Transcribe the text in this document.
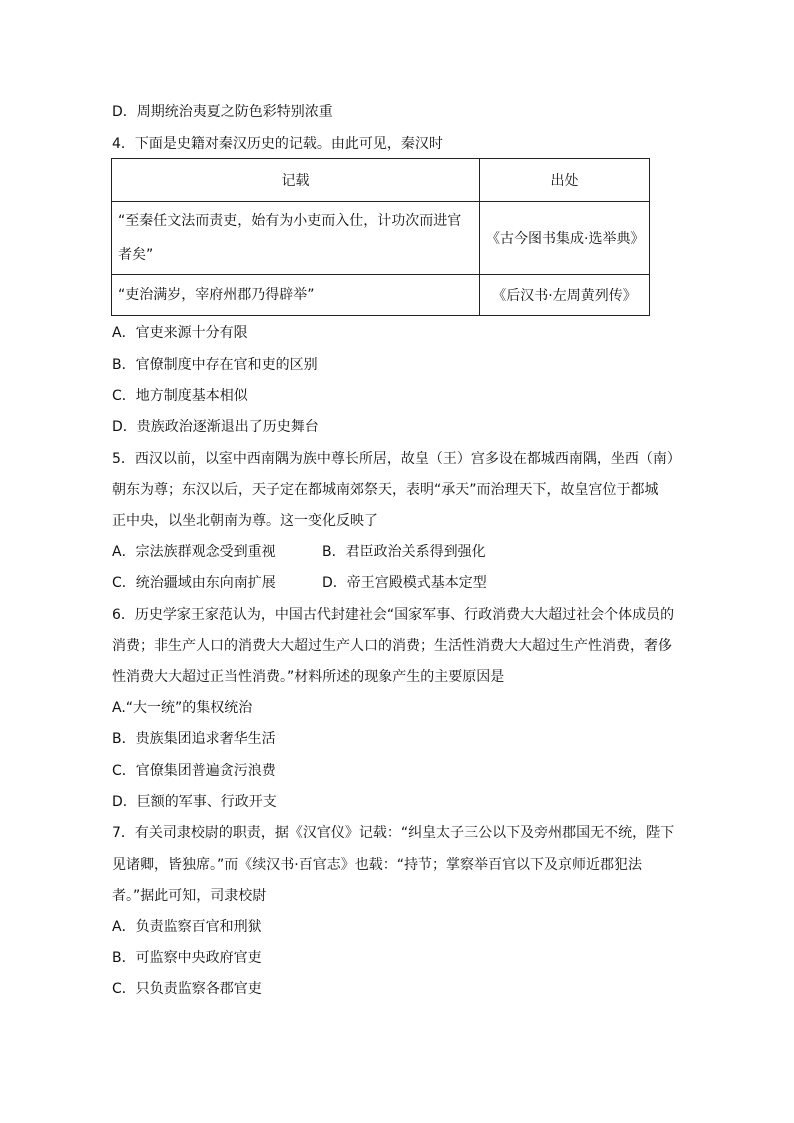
D．周期统治夷夏之防色彩特别浓重
4．下面是史籍对秦汉历史的记载。由此可见，秦汉时
记载	出处
“至秦任文法而责吏，始有为小吏而入仕，计功次而进官者矣”	《古今图书集成·选举典》
“吏治满岁，宰府州郡乃得辟举”	《后汉书·左周黄列传》
A．官吏来源十分有限
B．官僚制度中存在官和吏的区别
C．地方制度基本相似
D．贵族政治逐渐退出了历史舞台
5．西汉以前，以室中西南隅为族中尊长所居，故皇（王）宫多设在都城西南隅，坐西（南）
朝东为尊；东汉以后，天子定在都城南郊祭天，表明“承天”而治理天下，故皇宫位于都城
正中央，以坐北朝南为尊。这一变化反映了
A．宗法族群观念受到重视	B．君臣政治关系得到强化
C．统治疆域由东向南扩展	D．帝王宫殿模式基本定型
6．历史学家王家范认为，中国古代封建社会“国家军事、行政消费大大超过社会个体成员的
消费；非生产人口的消费大大超过生产人口的消费；生活性消费大大超过生产性消费，奢侈
性消费大大超过正当性消费。”材料所述的现象产生的主要原因是
A.“大一统”的集权统治
B．贵族集团追求奢华生活
C．官僚集团普遍贪污浪费
D．巨额的军事、行政开支
7．有关司隶校尉的职责，据《汉官仪》记载：“纠皇太子三公以下及旁州郡国无不统，陛下
见诸卿，皆独席。”而《续汉书·百官志》也载：“持节；掌察举百官以下及京师近郡犯法
者。”据此可知，司隶校尉
A．负责监察百官和刑狱
B．可监察中央政府官吏
C．只负责监察各郡官吏
